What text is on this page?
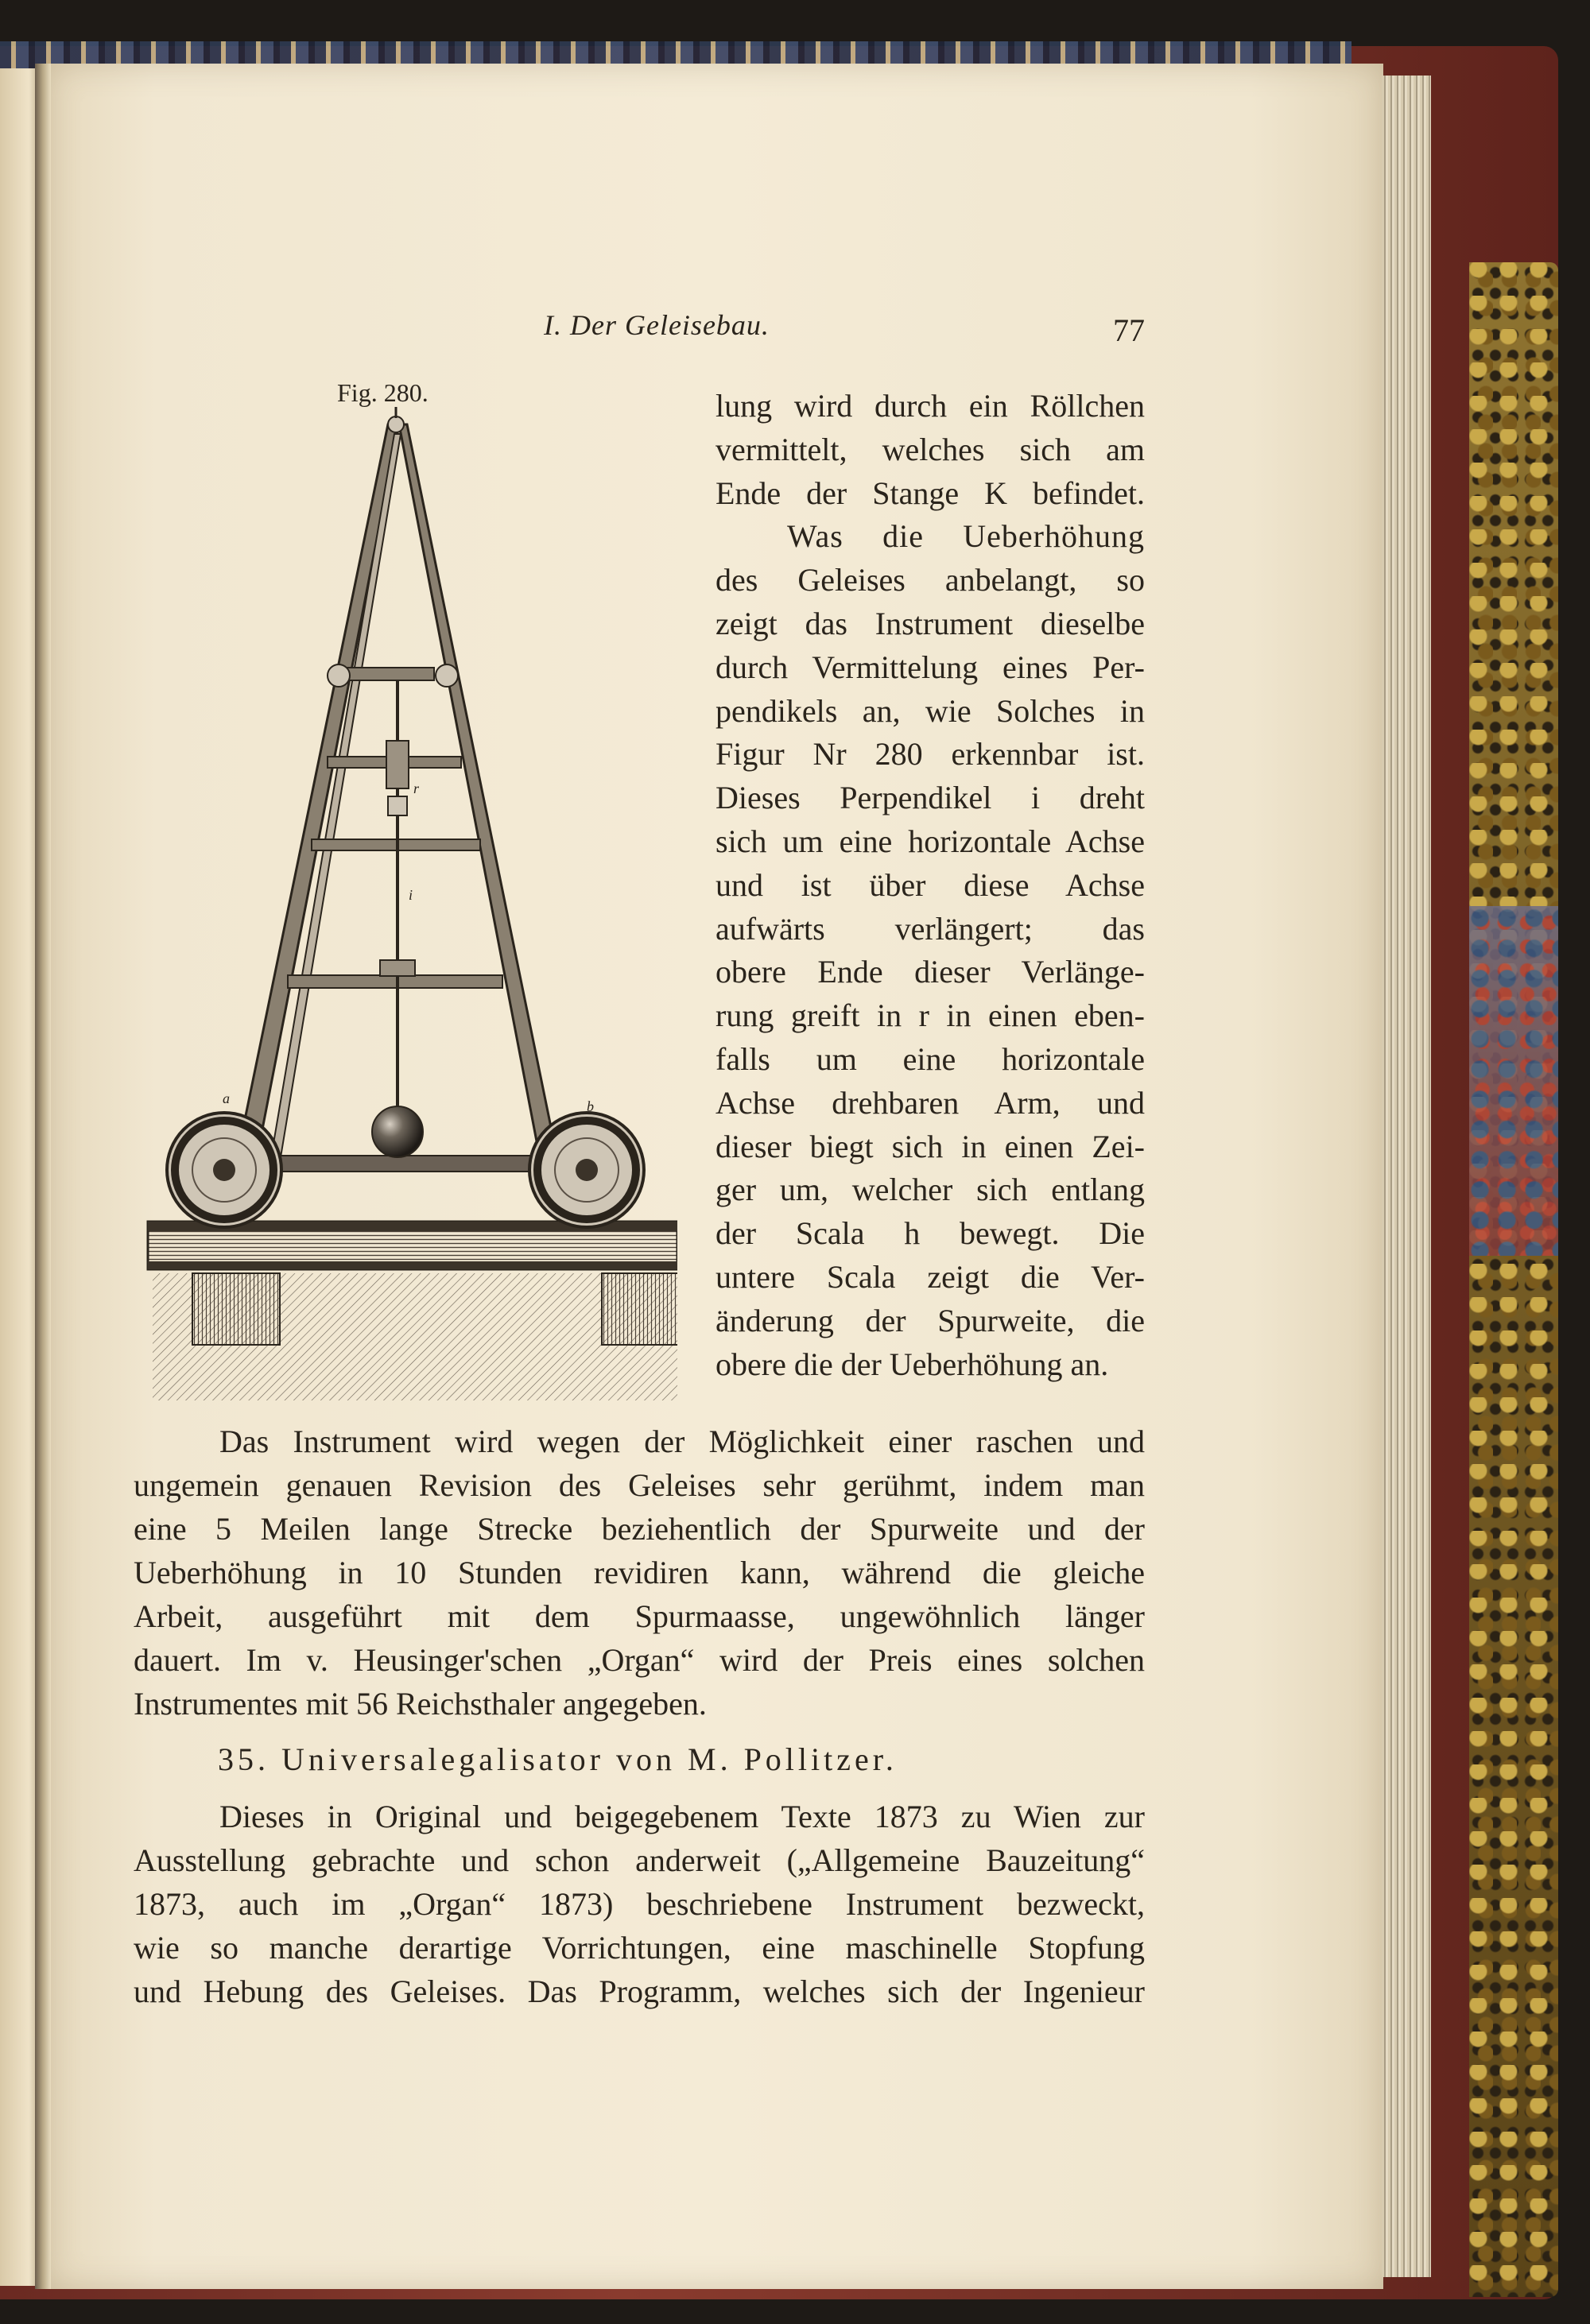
I. Der Geleisebau.	77
Fig. 280.
a	b
i
r
lung wird durch ein Röllchen
vermittelt, welches sich am
Ende der Stange K befindet.
Was die Ueberhöhung
des Geleises anbelangt, so
zeigt das Instrument dieselbe
durch Vermittelung eines Per-
pendikels an, wie Solches in
Figur Nr 280 erkennbar ist.
Dieses Perpendikel i dreht
sich um eine horizontale Achse
und ist über diese Achse
aufwärts verlängert; das
obere Ende dieser Verlänge-
rung greift in r in einen eben-
falls um eine horizontale
Achse drehbaren Arm, und
dieser biegt sich in einen Zei-
ger um, welcher sich entlang
der Scala h bewegt. Die
untere Scala zeigt die Ver-
änderung der Spurweite, die
obere die der Ueberhöhung an.
Das Instrument wird wegen der Möglichkeit einer raschen und
ungemein genauen Revision des Geleises sehr gerühmt, indem man
eine 5 Meilen lange Strecke beziehentlich der Spurweite und der
Ueberhöhung in 10 Stunden revidiren kann, während die gleiche
Arbeit, ausgeführt mit dem Spurmaasse, ungewöhnlich länger
dauert. Im v. Heusinger'schen „Organ“ wird der Preis eines solchen
Instrumentes mit 56 Reichsthaler angegeben.
35. Universalegalisator von M. Pollitzer.
Dieses in Original und beigegebenem Texte 1873 zu Wien zur
Ausstellung gebrachte und schon anderweit („Allgemeine Bauzeitung“
1873, auch im „Organ“ 1873) beschriebene Instrument bezweckt,
wie so manche derartige Vorrichtungen, eine maschinelle Stopfung
und Hebung des Geleises. Das Programm, welches sich der Ingenieur
